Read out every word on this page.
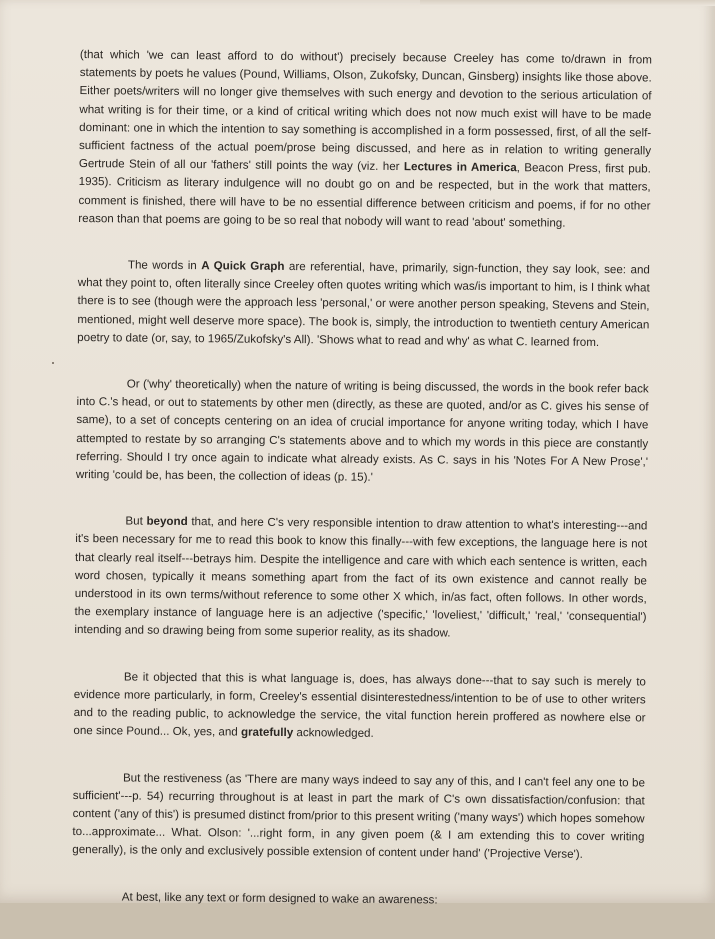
(that which 'we can least afford to do without') precisely because Creeley has come to/drawn in from statements by poets he values (Pound, Williams, Olson, Zukofsky, Duncan, Ginsberg) insights like those above. Either poets/writers will no longer give themselves with such energy and devotion to the serious articulation of what writing is for their time, or a kind of critical writing which does not now much exist will have to be made dominant: one in which the intention to say something is accomplished in a form possessed, first, of all the self-sufficient factness of the actual poem/prose being discussed, and here as in relation to writing generally Gertrude Stein of all our 'fathers' still points the way (viz. her Lectures in America, Beacon Press, first pub. 1935). Criticism as literary indulgence will no doubt go on and be respected, but in the work that matters, comment is finished, there will have to be no essential difference between criticism and poems, if for no other reason than that poems are going to be so real that nobody will want to read 'about' something.

The words in A Quick Graph are referential, have, primarily, sign-function, they say look, see: and what they point to, often literally since Creeley often quotes writing which was/is important to him, is I think what there is to see (though were the approach less 'personal,' or were another person speaking, Stevens and Stein, mentioned, might well deserve more space). The book is, simply, the introduction to twentieth century American poetry to date (or, say, to 1965/Zukofsky's All). 'Shows what to read and why' as what C. learned from.

Or ('why' theoretically) when the nature of writing is being discussed, the words in the book refer back into C.'s head, or out to statements by other men (directly, as these are quoted, and/or as C. gives his sense of same), to a set of concepts centering on an idea of crucial importance for anyone writing today, which I have attempted to restate by so arranging C's statements above and to which my words in this piece are constantly referring. Should I try once again to indicate what already exists. As C. says in his 'Notes For A New Prose',' writing 'could be, has been, the collection of ideas (p. 15).'

But beyond that, and here C's very responsible intention to draw attention to what's interesting---and it's been necessary for me to read this book to know this finally---with few exceptions, the language here is not that clearly real itself---betrays him. Despite the intelligence and care with which each sentence is written, each word chosen, typically it means something apart from the fact of its own existence and cannot really be understood in its own terms/without reference to some other X which, in/as fact, often follows. In other words, the exemplary instance of language here is an adjective ('specific,' 'loveliest,' 'difficult,' 'real,' 'consequential') intending and so drawing being from some superior reality, as its shadow.

Be it objected that this is what language is, does, has always done---that to say such is merely to evidence more particularly, in form, Creeley's essential disinterestedness/intention to be of use to other writers and to the reading public, to acknowledge the service, the vital function herein proffered as nowhere else or one since Pound... Ok, yes, and gratefully acknowledged.

But the restiveness (as 'There are many ways indeed to say any of this, and I can't feel any one to be sufficient'---p. 54) recurring throughout is at least in part the mark of C's own dissatisfaction/confusion: that content ('any of this') is presumed distinct from/prior to this present writing ('many ways') which hopes somehow to...approximate... What. Olson: '...right form, in any given poem (& I am extending this to cover writing generally), is the only and exclusively possible extension of content under hand' ('Projective Verse').

At best, like any text or form designed to wake an awareness:
